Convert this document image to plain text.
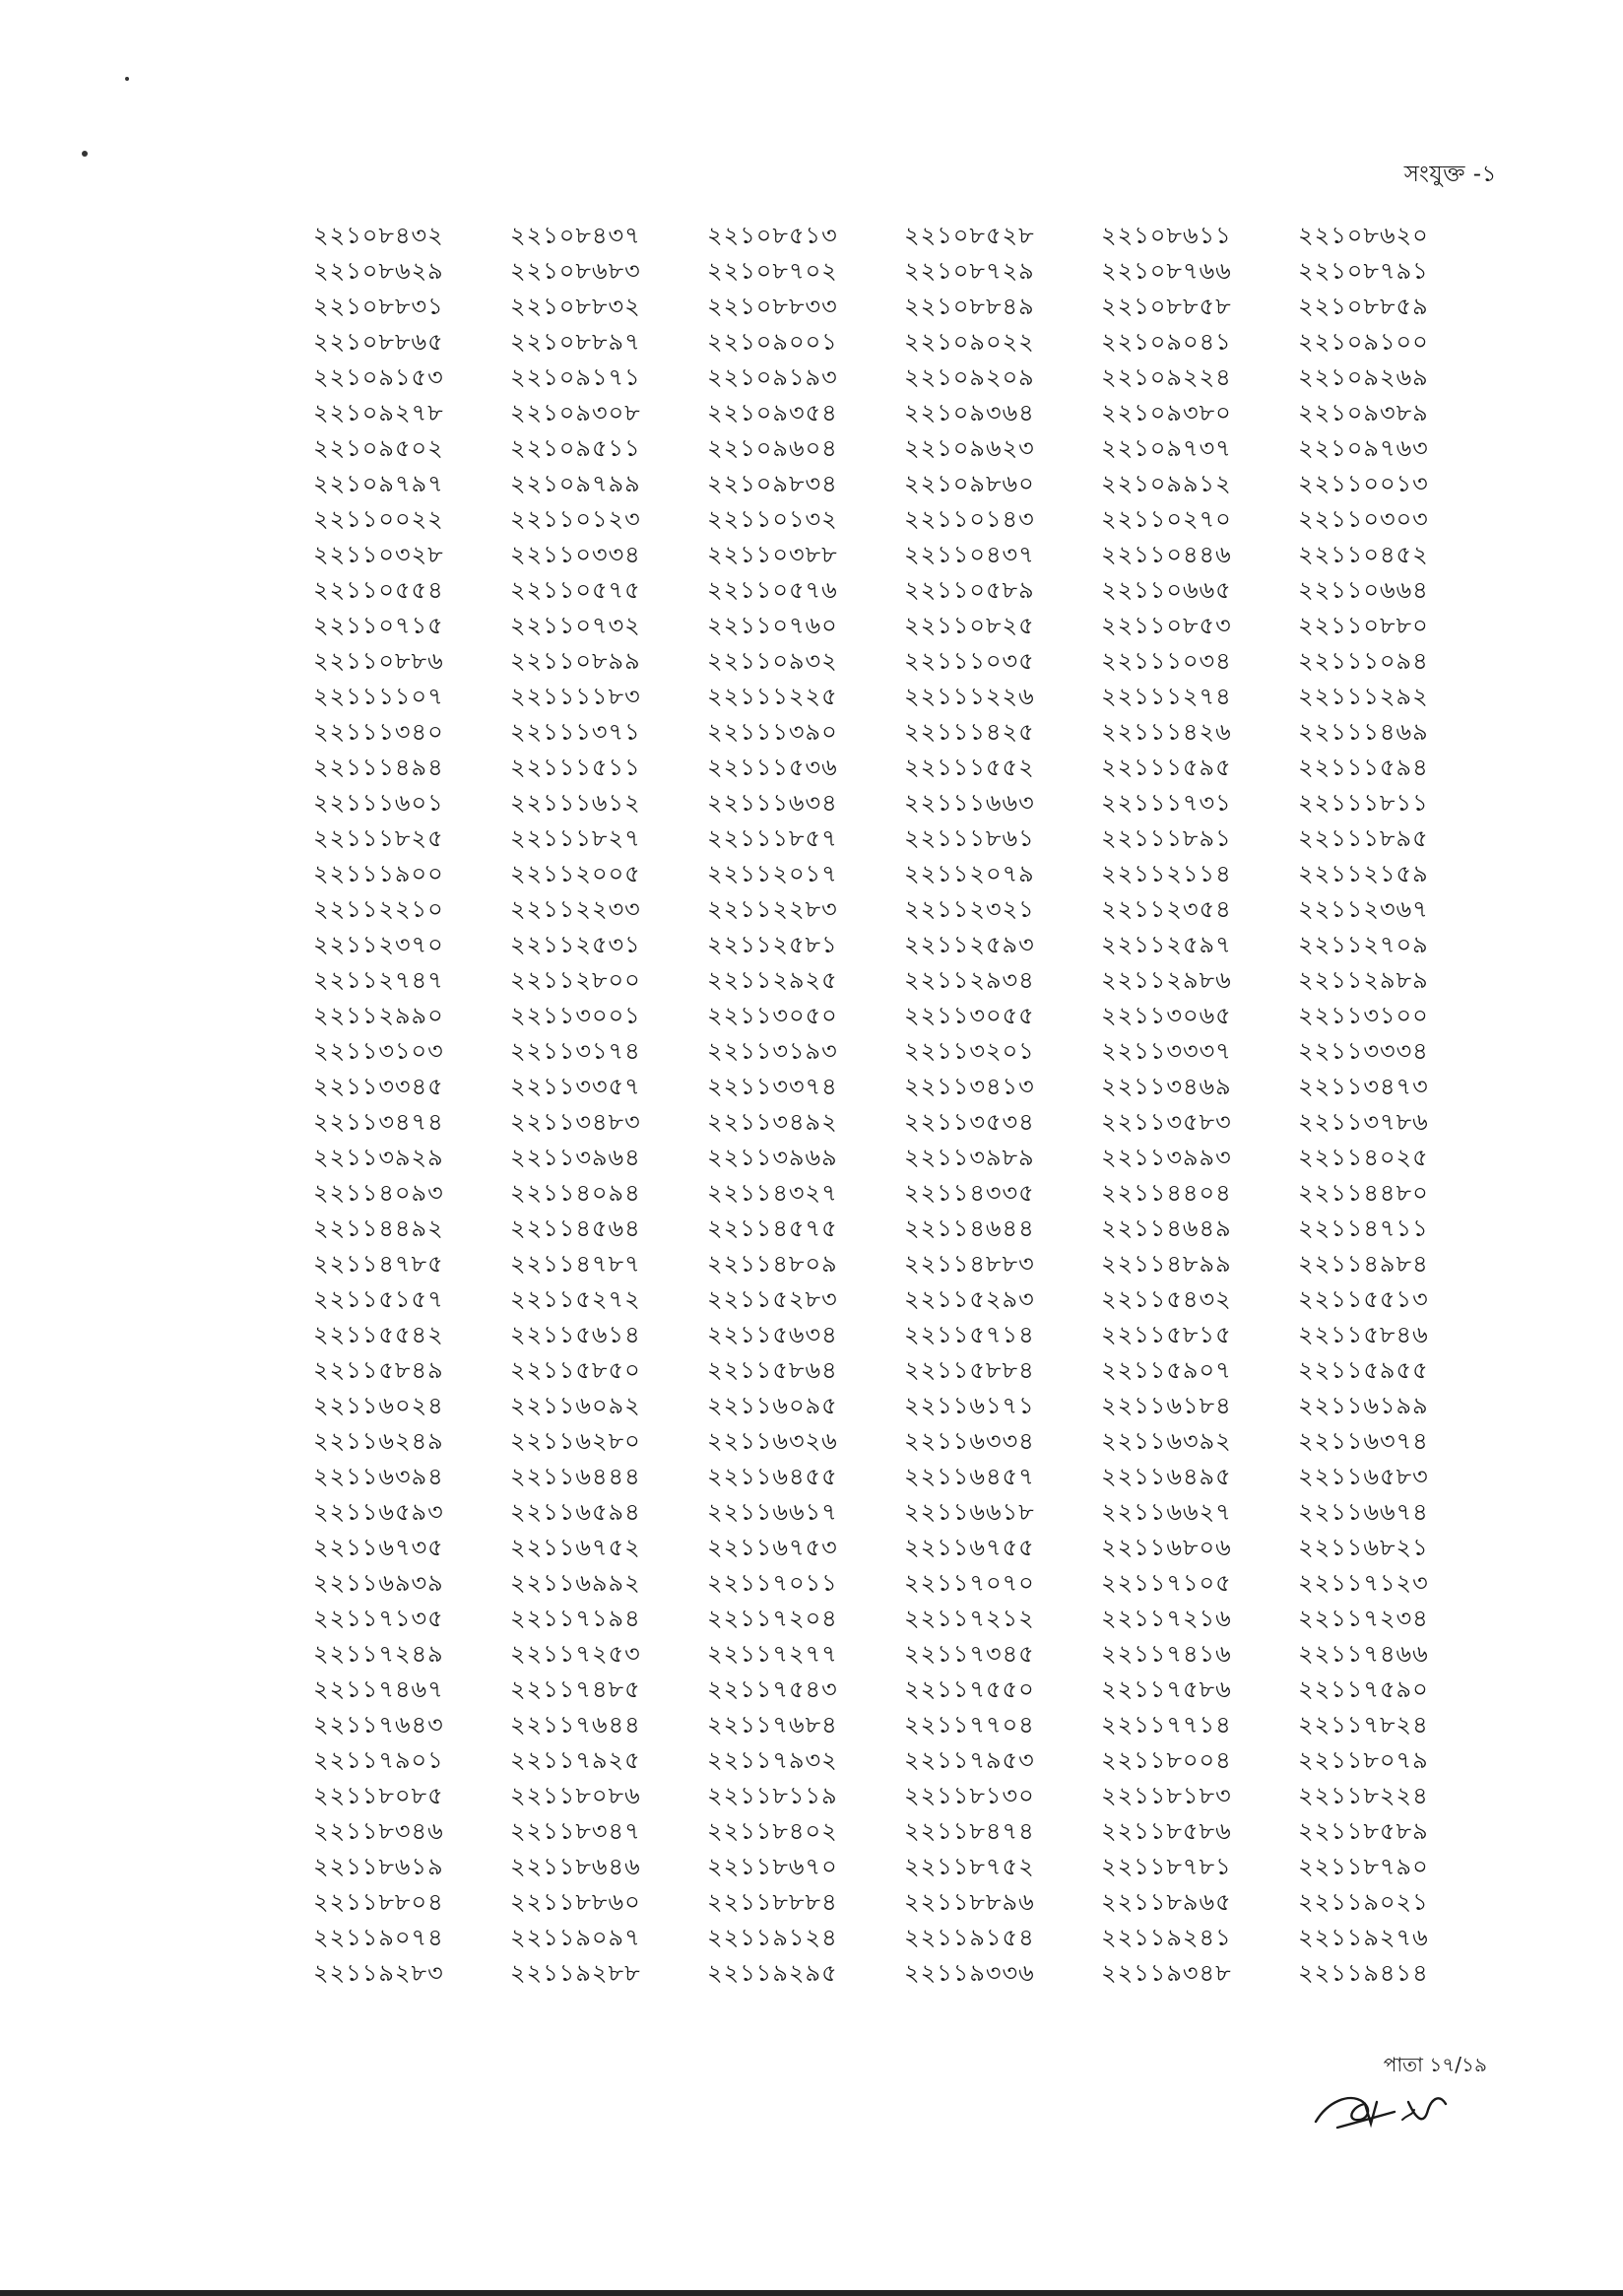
সংযুক্ত -১
২২১০৮৪৩২	২২১০৮৪৩৭	২২১০৮৫১৩	২২১০৮৫২৮	২২১০৮৬১১	২২১০৮৬২০
২২১০৮৬২৯	২২১০৮৬৮৩	২২১০৮৭০২	২২১০৮৭২৯	২২১০৮৭৬৬	২২১০৮৭৯১
২২১০৮৮৩১	২২১০৮৮৩২	২২১০৮৮৩৩	২২১০৮৮৪৯	২২১০৮৮৫৮	২২১০৮৮৫৯
২২১০৮৮৬৫	২২১০৮৮৯৭	২২১০৯০০১	২২১০৯০২২	২২১০৯০৪১	২২১০৯১০০
২২১০৯১৫৩	২২১০৯১৭১	২২১০৯১৯৩	২২১০৯২০৯	২২১০৯২২৪	২২১০৯২৬৯
২২১০৯২৭৮	২২১০৯৩০৮	২২১০৯৩৫৪	২২১০৯৩৬৪	২২১০৯৩৮০	২২১০৯৩৮৯
২২১০৯৫০২	২২১০৯৫১১	২২১০৯৬০৪	২২১০৯৬২৩	২২১০৯৭৩৭	২২১০৯৭৬৩
২২১০৯৭৯৭	২২১০৯৭৯৯	২২১০৯৮৩৪	২২১০৯৮৬০	২২১০৯৯১২	২২১১০০১৩
২২১১০০২২	২২১১০১২৩	২২১১০১৩২	২২১১০১৪৩	২২১১০২৭০	২২১১০৩০৩
২২১১০৩২৮	২২১১০৩৩৪	২২১১০৩৮৮	২২১১০৪৩৭	২২১১০৪৪৬	২২১১০৪৫২
২২১১০৫৫৪	২২১১০৫৭৫	২২১১০৫৭৬	২২১১০৫৮৯	২২১১০৬৬৫	২২১১০৬৬৪
২২১১০৭১৫	২২১১০৭৩২	২২১১০৭৬০	২২১১০৮২৫	২২১১০৮৫৩	২২১১০৮৮০
২২১১০৮৮৬	২২১১০৮৯৯	২২১১০৯৩২	২২১১১০৩৫	২২১১১০৩৪	২২১১১০৯৪
২২১১১১০৭	২২১১১১৮৩	২২১১১২২৫	২২১১১২২৬	২২১১১২৭৪	২২১১১২৯২
২২১১১৩৪০	২২১১১৩৭১	২২১১১৩৯০	২২১১১৪২৫	২২১১১৪২৬	২২১১১৪৬৯
২২১১১৪৯৪	২২১১১৫১১	২২১১১৫৩৬	২২১১১৫৫২	২২১১১৫৯৫	২২১১১৫৯৪
২২১১১৬০১	২২১১১৬১২	২২১১১৬৩৪	২২১১১৬৬৩	২২১১১৭৩১	২২১১১৮১১
২২১১১৮২৫	২২১১১৮২৭	২২১১১৮৫৭	২২১১১৮৬১	২২১১১৮৯১	২২১১১৮৯৫
২২১১১৯০০	২২১১২০০৫	২২১১২০১৭	২২১১২০৭৯	২২১১২১১৪	২২১১২১৫৯
২২১১২২১০	২২১১২২৩৩	২২১১২২৮৩	২২১১২৩২১	২২১১২৩৫৪	২২১১২৩৬৭
২২১১২৩৭০	২২১১২৫৩১	২২১১২৫৮১	২২১১২৫৯৩	২২১১২৫৯৭	২২১১২৭০৯
২২১১২৭৪৭	২২১১২৮০০	২২১১২৯২৫	২২১১২৯৩৪	২২১১২৯৮৬	২২১১২৯৮৯
২২১১২৯৯০	২২১১৩০০১	২২১১৩০৫০	২২১১৩০৫৫	২২১১৩০৬৫	২২১১৩১০০
২২১১৩১০৩	২২১১৩১৭৪	২২১১৩১৯৩	২২১১৩২০১	২২১১৩৩৩৭	২২১১৩৩৩৪
২২১১৩৩৪৫	২২১১৩৩৫৭	২২১১৩৩৭৪	২২১১৩৪১৩	২২১১৩৪৬৯	২২১১৩৪৭৩
২২১১৩৪৭৪	২২১১৩৪৮৩	২২১১৩৪৯২	২২১১৩৫৩৪	২২১১৩৫৮৩	২২১১৩৭৮৬
২২১১৩৯২৯	২২১১৩৯৬৪	২২১১৩৯৬৯	২২১১৩৯৮৯	২২১১৩৯৯৩	২২১১৪০২৫
২২১১৪০৯৩	২২১১৪০৯৪	২২১১৪৩২৭	২২১১৪৩৩৫	২২১১৪৪০৪	২২১১৪৪৮০
২২১১৪৪৯২	২২১১৪৫৬৪	২২১১৪৫৭৫	২২১১৪৬৪৪	২২১১৪৬৪৯	২২১১৪৭১১
২২১১৪৭৮৫	২২১১৪৭৮৭	২২১১৪৮০৯	২২১১৪৮৮৩	২২১১৪৮৯৯	২২১১৪৯৮৪
২২১১৫১৫৭	২২১১৫২৭২	২২১১৫২৮৩	২২১১৫২৯৩	২২১১৫৪৩২	২২১১৫৫১৩
২২১১৫৫৪২	২২১১৫৬১৪	২২১১৫৬৩৪	২২১১৫৭১৪	২২১১৫৮১৫	২২১১৫৮৪৬
২২১১৫৮৪৯	২২১১৫৮৫০	২২১১৫৮৬৪	২২১১৫৮৮৪	২২১১৫৯০৭	২২১১৫৯৫৫
২২১১৬০২৪	২২১১৬০৯২	২২১১৬০৯৫	২২১১৬১৭১	২২১১৬১৮৪	২২১১৬১৯৯
২২১১৬২৪৯	২২১১৬২৮০	২২১১৬৩২৬	২২১১৬৩৩৪	২২১১৬৩৯২	২২১১৬৩৭৪
২২১১৬৩৯৪	২২১১৬৪৪৪	২২১১৬৪৫৫	২২১১৬৪৫৭	২২১১৬৪৯৫	২২১১৬৫৮৩
২২১১৬৫৯৩	২২১১৬৫৯৪	২২১১৬৬১৭	২২১১৬৬১৮	২২১১৬৬২৭	২২১১৬৬৭৪
২২১১৬৭৩৫	২২১১৬৭৫২	২২১১৬৭৫৩	২২১১৬৭৫৫	২২১১৬৮০৬	২২১১৬৮২১
২২১১৬৯৩৯	২২১১৬৯৯২	২২১১৭০১১	২২১১৭০৭০	২২১১৭১০৫	২২১১৭১২৩
২২১১৭১৩৫	২২১১৭১৯৪	২২১১৭২০৪	২২১১৭২১২	২২১১৭২১৬	২২১১৭২৩৪
২২১১৭২৪৯	২২১১৭২৫৩	২২১১৭২৭৭	২২১১৭৩৪৫	২২১১৭৪১৬	২২১১৭৪৬৬
২২১১৭৪৬৭	২২১১৭৪৮৫	২২১১৭৫৪৩	২২১১৭৫৫০	২২১১৭৫৮৬	২২১১৭৫৯০
২২১১৭৬৪৩	২২১১৭৬৪৪	২২১১৭৬৮৪	২২১১৭৭০৪	২২১১৭৭১৪	২২১১৭৮২৪
২২১১৭৯০১	২২১১৭৯২৫	২২১১৭৯৩২	২২১১৭৯৫৩	২২১১৮০০৪	২২১১৮০৭৯
২২১১৮০৮৫	২২১১৮০৮৬	২২১১৮১১৯	২২১১৮১৩০	২২১১৮১৮৩	২২১১৮২২৪
২২১১৮৩৪৬	২২১১৮৩৪৭	২২১১৮৪০২	২২১১৮৪৭৪	২২১১৮৫৮৬	২২১১৮৫৮৯
২২১১৮৬১৯	২২১১৮৬৪৬	২২১১৮৬৭০	২২১১৮৭৫২	২২১১৮৭৮১	২২১১৮৭৯০
২২১১৮৮০৪	২২১১৮৮৬০	২২১১৮৮৮৪	২২১১৮৮৯৬	২২১১৮৯৬৫	২২১১৯০২১
২২১১৯০৭৪	২২১১৯০৯৭	২২১১৯১২৪	২২১১৯১৫৪	২২১১৯২৪১	২২১১৯২৭৬
২২১১৯২৮৩	২২১১৯২৮৮	২২১১৯২৯৫	২২১১৯৩৩৬	২২১১৯৩৪৮	২২১১৯৪১৪
পাতা ১৭/১৯
